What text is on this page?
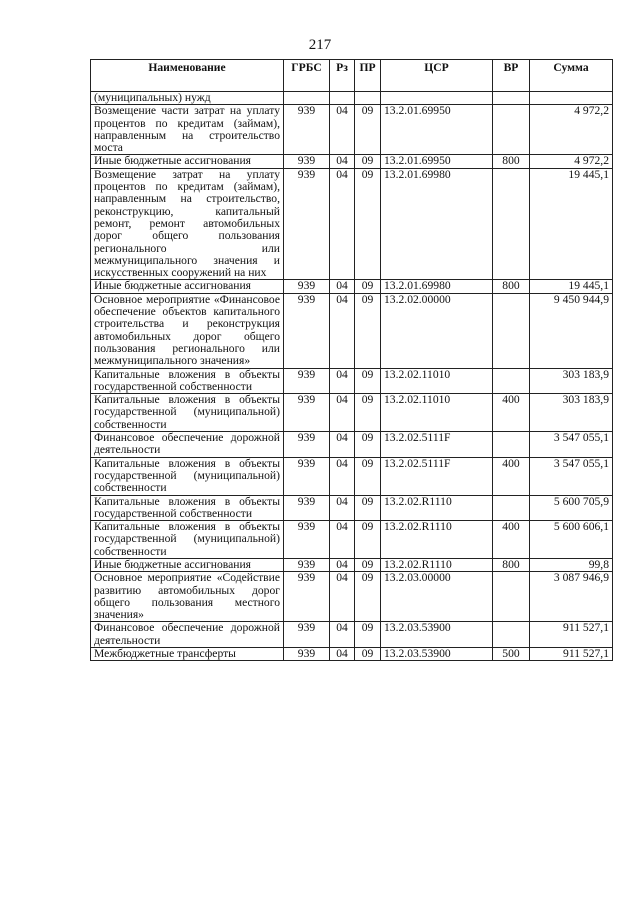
217
Наименование	ГРБС	Рз	ПР	ЦСР	ВР	Сумма
(муниципальных) нужд						
Возмещение части затрат на уплату процентов по кредитам (займам), направленным на строительство моста	939	04	09	13.2.01.69950		4 972,2
Иные бюджетные ассигнования	939	04	09	13.2.01.69950	800	4 972,2
Возмещение затрат на уплату процентов по кредитам (займам), направленным на строительство, реконструкцию, капитальный ремонт, ремонт автомобильных дорог общего пользования регионального или межмуниципального значения и искусственных сооружений на них	939	04	09	13.2.01.69980		19 445,1
Иные бюджетные ассигнования	939	04	09	13.2.01.69980	800	19 445,1
Основное мероприятие «Финансовое обеспечение объектов капитального строительства и реконструкция автомобильных дорог общего пользования регионального или межмуниципального значения»	939	04	09	13.2.02.00000		9 450 944,9
Капитальные вложения в объекты государственной собственности	939	04	09	13.2.02.11010		303 183,9
Капитальные вложения в объекты государственной (муниципальной) собственности	939	04	09	13.2.02.11010	400	303 183,9
Финансовое обеспечение дорожной деятельности	939	04	09	13.2.02.5111F		3 547 055,1
Капитальные вложения в объекты государственной (муниципальной) собственности	939	04	09	13.2.02.5111F	400	3 547 055,1
Капитальные вложения в объекты государственной собственности	939	04	09	13.2.02.R1110		5 600 705,9
Капитальные вложения в объекты государственной (муниципальной) собственности	939	04	09	13.2.02.R1110	400	5 600 606,1
Иные бюджетные ассигнования	939	04	09	13.2.02.R1110	800	99,8
Основное мероприятие «Содействие развитию автомобильных дорог общего пользования местного значения»	939	04	09	13.2.03.00000		3 087 946,9
Финансовое обеспечение дорожной деятельности	939	04	09	13.2.03.53900		911 527,1
Межбюджетные трансферты	939	04	09	13.2.03.53900	500	911 527,1
